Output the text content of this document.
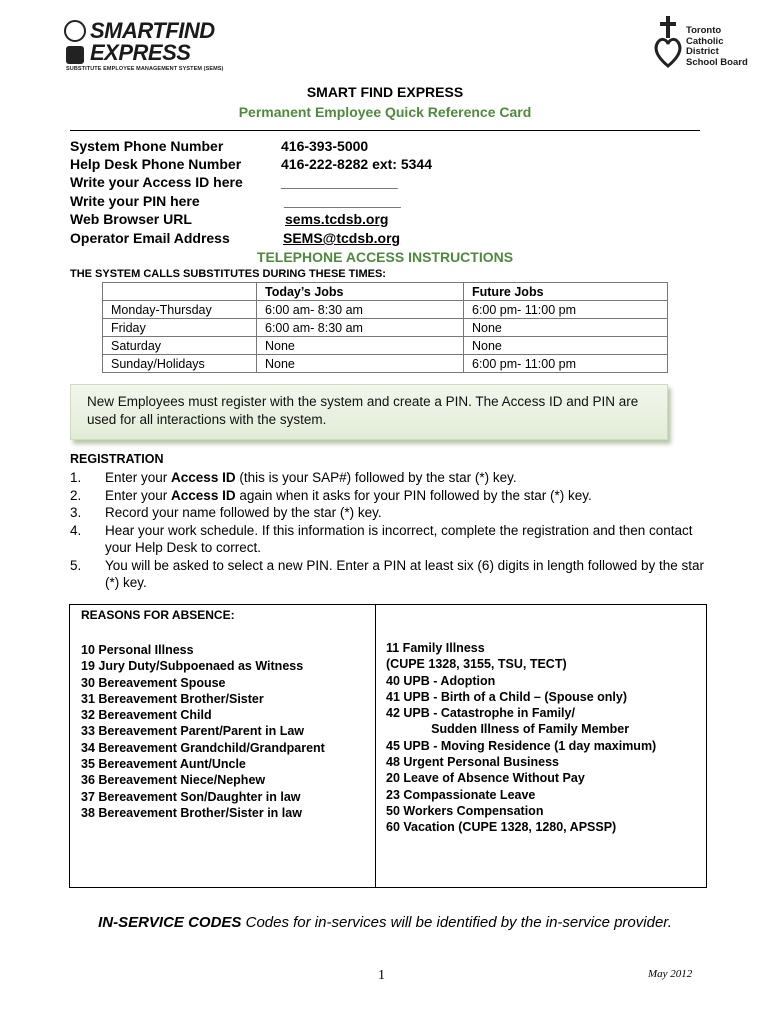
SMARTFIND
EXPRESS
SUBSTITUTE EMPLOYEE MANAGEMENT SYSTEM (SEMS)
Toronto
Catholic
District
School Board
SMART FIND EXPRESS
Permanent Employee Quick Reference Card
System Phone Number	416-393-5000
Help Desk Phone Number	416-222-8282 ext: 5344
Write your Access ID here	_______________
Write your PIN here	_______________
Web Browser URL	sems.tcdsb.org
Operator Email Address	SEMS@tcdsb.org
TELEPHONE ACCESS INSTRUCTIONS
THE SYSTEM CALLS SUBSTITUTES DURING THESE TIMES:
	Today’s Jobs	Future Jobs
Monday-Thursday	6:00 am- 8:30 am	6:00 pm- 11:00 pm
Friday	6:00 am- 8:30 am	None
Saturday	None	None
Sunday/Holidays	None	6:00 pm- 11:00 pm
New Employees must register with the system and create a PIN. The Access ID and PIN are used for all interactions with the system.
REGISTRATION
1. Enter your Access ID (this is your SAP#) followed by the star (*) key.
2. Enter your Access ID again when it asks for your PIN followed by the star (*) key.
3. Record your name followed by the star (*) key.
4. Hear your work schedule. If this information is incorrect, complete the registration and then contact your Help Desk to correct.
5. You will be asked to select a new PIN. Enter a PIN at least six (6) digits in length followed by the star (*) key.
REASONS FOR ABSENCE:
10 Personal Illness
19 Jury Duty/Subpoenaed as Witness
30 Bereavement Spouse
31 Bereavement Brother/Sister
32 Bereavement Child
33 Bereavement Parent/Parent in Law
34 Bereavement Grandchild/Grandparent
35 Bereavement Aunt/Uncle
36 Bereavement Niece/Nephew
37 Bereavement Son/Daughter in law
38 Bereavement Brother/Sister in law
11 Family Illness
(CUPE 1328, 3155, TSU, TECT)
40 UPB - Adoption
41 UPB - Birth of a Child – (Spouse only)
42 UPB - Catastrophe in Family/
Sudden Illness of Family Member
45 UPB - Moving Residence (1 day maximum)
48 Urgent Personal Business
20 Leave of Absence Without Pay
23 Compassionate Leave
50 Workers Compensation
60 Vacation (CUPE 1328, 1280, APSSP)
IN-SERVICE CODES Codes for in-services will be identified by the in-service provider.
1	May 2012
